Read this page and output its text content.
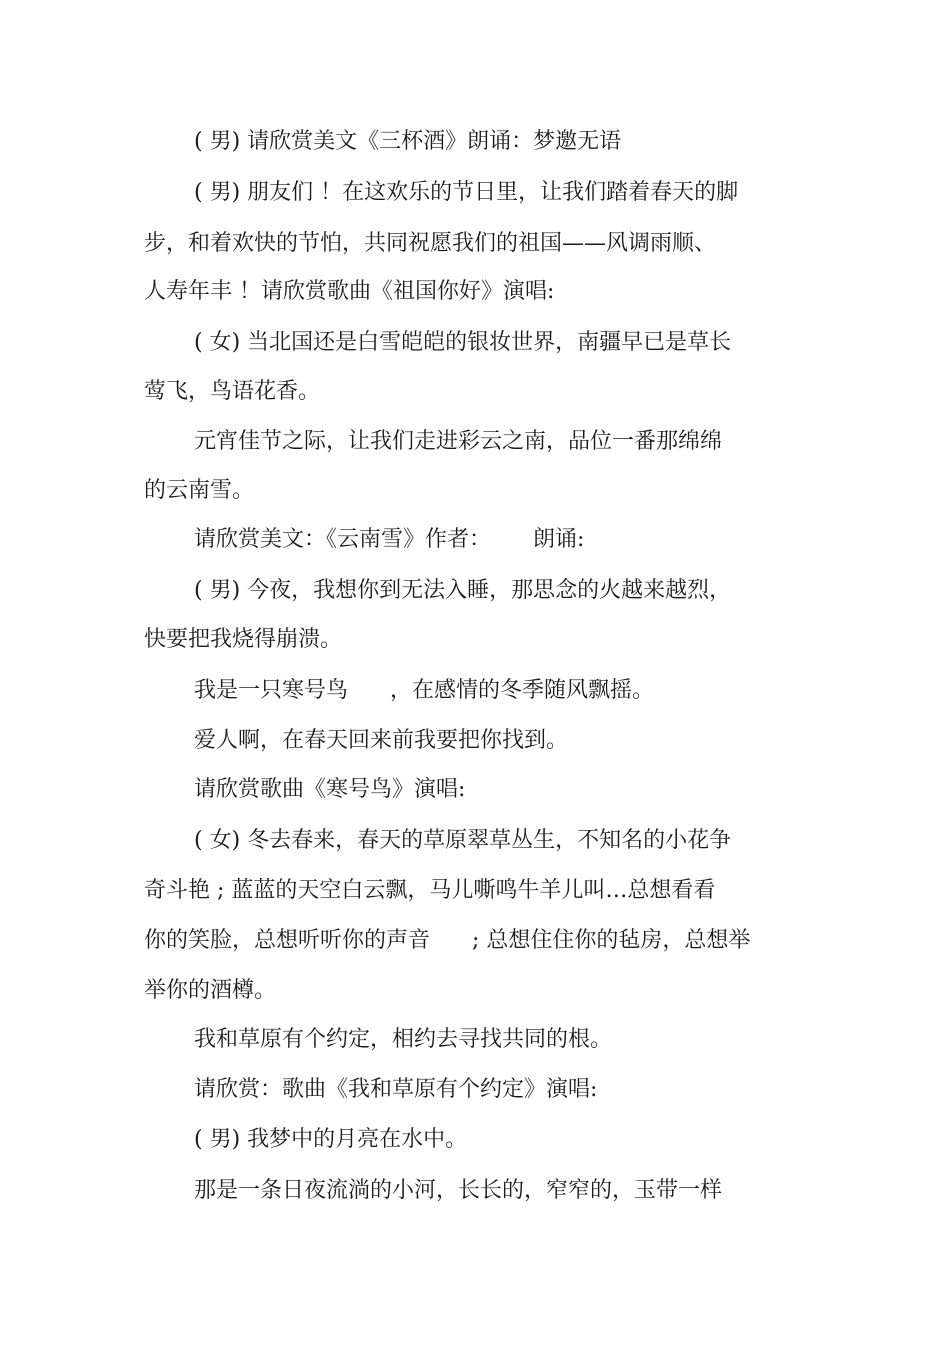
( 男) 请欣赏美文《三杯酒》朗诵：梦邀无语
( 男) 朋友们 ！在这欢乐的节日里，让我们踏着春天的脚
步，和着欢快的节怕，共同祝愿我们的祖国——风调雨顺、
人寿年丰 ！请欣赏歌曲《祖国你好》演唱:
( 女) 当北国还是白雪皑皑的银妆世界，南疆早已是草长
莺飞，鸟语花香。
元宵佳节之际，让我们走进彩云之南，品位一番那绵绵
的云南雪。
请欣赏美文：《云南雪》作者：      朗诵:
( 男) 今夜，我想你到无法入睡，那思念的火越来越烈，
快要把我烧得崩溃。
我是一只寒号鸟      ，在感情的冬季随风飘摇。
爱人啊，在春天回来前我要把你找到。
请欣赏歌曲《寒号鸟》演唱:
( 女) 冬去春来，春天的草原翠草丛生，不知名的小花争
奇斗艳 ; 蓝蓝的天空白云飘，马儿嘶鸣牛羊儿叫…总想看看
你的笑脸，总想听听你的声音      ; 总想住住你的毡房，总想举
举你的酒樽。
我和草原有个约定，相约去寻找共同的根。
请欣赏：歌曲《我和草原有个约定》演唱:
( 男) 我梦中的月亮在水中。
那是一条日夜流淌的小河，长长的，窄窄的，玉带一样
